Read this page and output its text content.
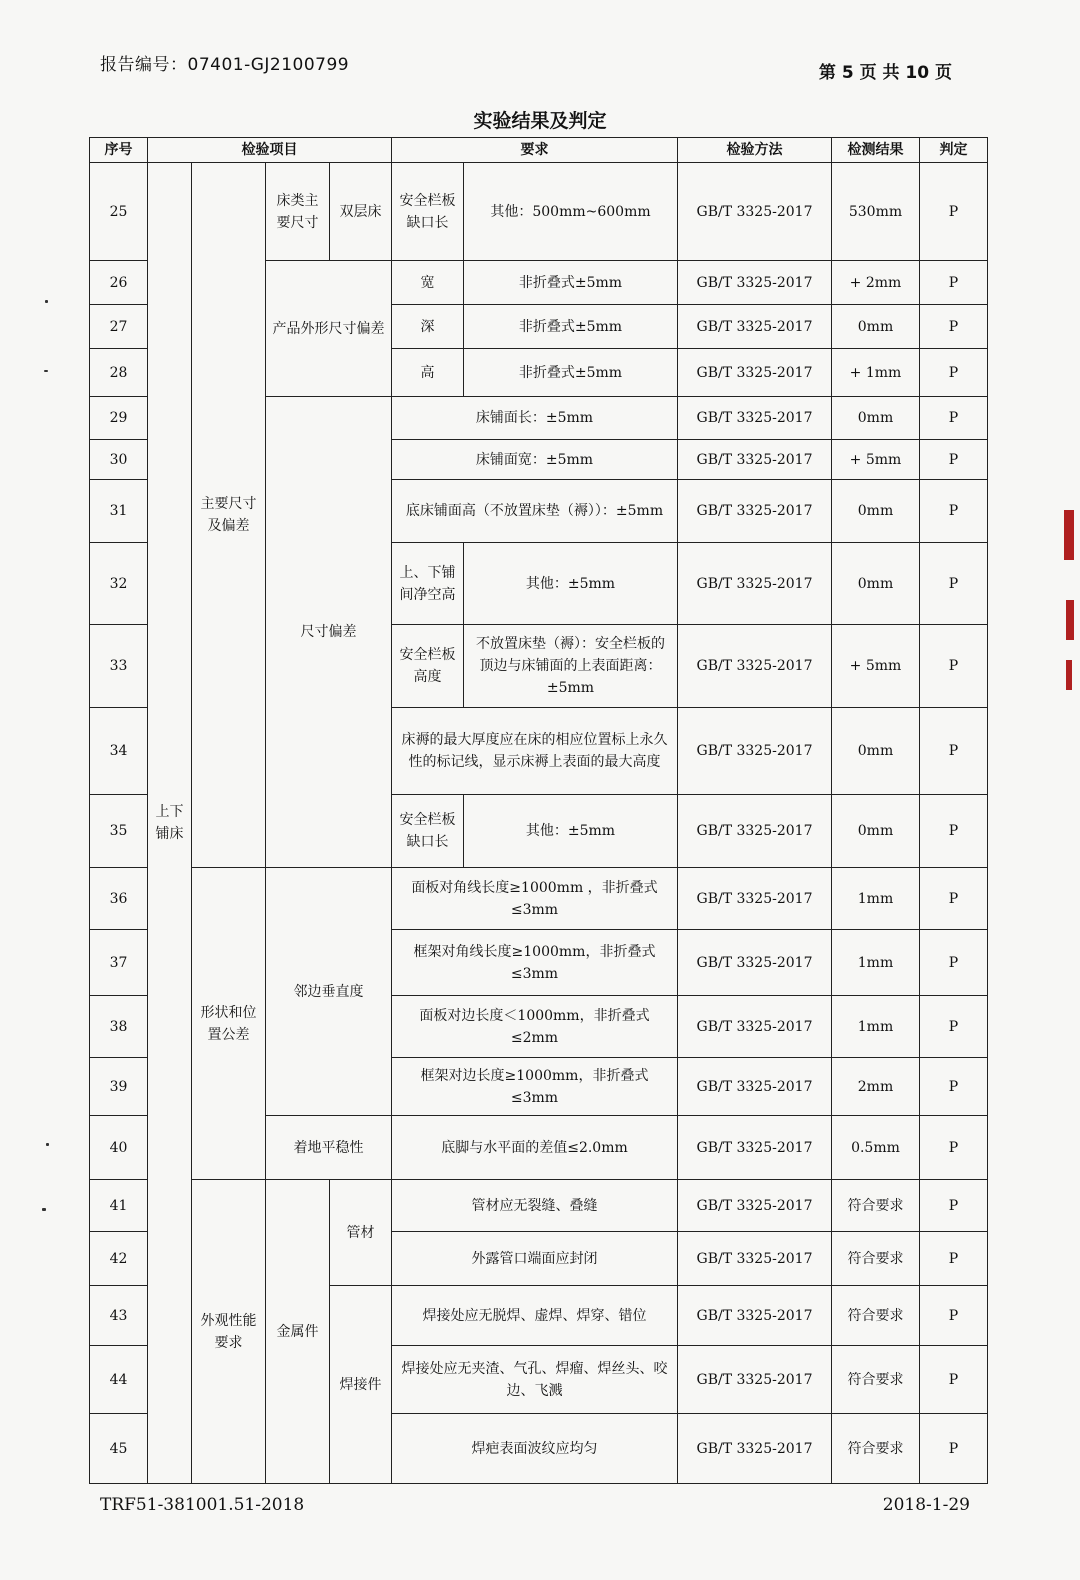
报告编号：07401-GJ2100799	第 5 页 共 10 页
实验结果及判定
序号	检验项目				要求		检验方法	检测结果	判定
25	上下铺床	主要尺寸及偏差	床类主要尺寸	双层床	安全栏板缺口长	其他：500mm~600mm	GB/T 3325-2017	530mm	P
26			产品外形尺寸偏差		宽	非折叠式±5mm	GB/T 3325-2017	+ 2mm	P
27					深	非折叠式±5mm	GB/T 3325-2017	0mm	P
28					高	非折叠式±5mm	GB/T 3325-2017	+ 1mm	P
29			尺寸偏差		床铺面长：±5mm		GB/T 3325-2017	0mm	P
30					床铺面宽：±5mm		GB/T 3325-2017	+ 5mm	P
31					底床铺面高（不放置床垫（褥））：±5mm		GB/T 3325-2017	0mm	P
32					上、下铺间净空高	其他：±5mm	GB/T 3325-2017	0mm	P
33					安全栏板高度	不放置床垫（褥）：安全栏板的顶边与床铺面的上表面距离：±5mm	GB/T 3325-2017	+ 5mm	P
34					床褥的最大厚度应在床的相应位置标上永久性的标记线，显示床褥上表面的最大高度		GB/T 3325-2017	0mm	P
35					安全栏板缺口长	其他：±5mm	GB/T 3325-2017	0mm	P
36		形状和位置公差	邻边垂直度		面板对角线长度≥1000mm ，非折叠式≤3mm		GB/T 3325-2017	1mm	P
37					框架对角线长度≥1000mm，非折叠式≤3mm		GB/T 3325-2017	1mm	P
38					面板对边长度＜1000mm，非折叠式≤2mm		GB/T 3325-2017	1mm	P
39					框架对边长度≥1000mm，非折叠式≤3mm		GB/T 3325-2017	2mm	P
40			着地平稳性		底脚与水平面的差值≤2.0mm		GB/T 3325-2017	0.5mm	P
41		外观性能要求	金属件	管材	管材应无裂缝、叠缝		GB/T 3325-2017	符合要求	P
42					外露管口端面应封闭		GB/T 3325-2017	符合要求	P
43				焊接件	焊接处应无脱焊、虚焊、焊穿、错位		GB/T 3325-2017	符合要求	P
44					焊接处应无夹渣、气孔、焊瘤、焊丝头、咬边、飞溅		GB/T 3325-2017	符合要求	P
45					焊疤表面波纹应均匀		GB/T 3325-2017	符合要求	P
TRF51-381001.51-2018	2018-1-29
